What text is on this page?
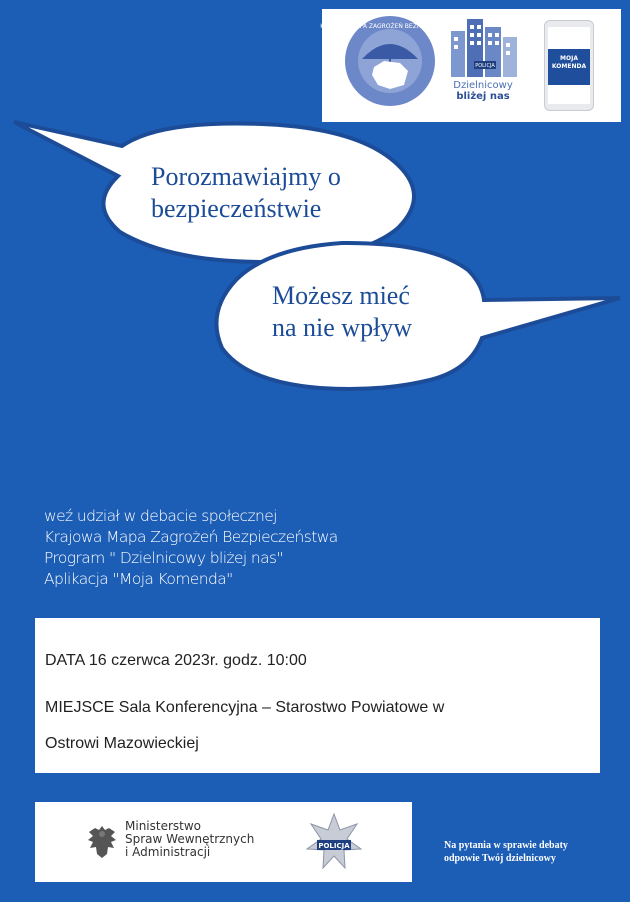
KRAJOWA MAPA ZAGROŻEŃ BEZPIECZEŃSTWA
POLICJA
Dzielnicowy
bliżej nas
MOJA
KOMENDA
Porozmawiajmy o
bezpieczeństwie
Możesz mieć
na nie wpływ
weź udział w debacie społecznej
Krajowa Mapa Zagrożeń Bezpieczeństwa
Program " Dzielnicowy bliżej nas"
Aplikacja "Moja Komenda"
DATA 16 czerwca 2023r. godz. 10:00
MIEJSCE Sala Konferencyjna – Starostwo Powiatowe w
Ostrowi Mazowieckiej
Ministerstwo
Spraw Wewnętrznych
i Administracji	POLICJA	Na pytania w sprawie debaty
odpowie Twój dzielnicowy
